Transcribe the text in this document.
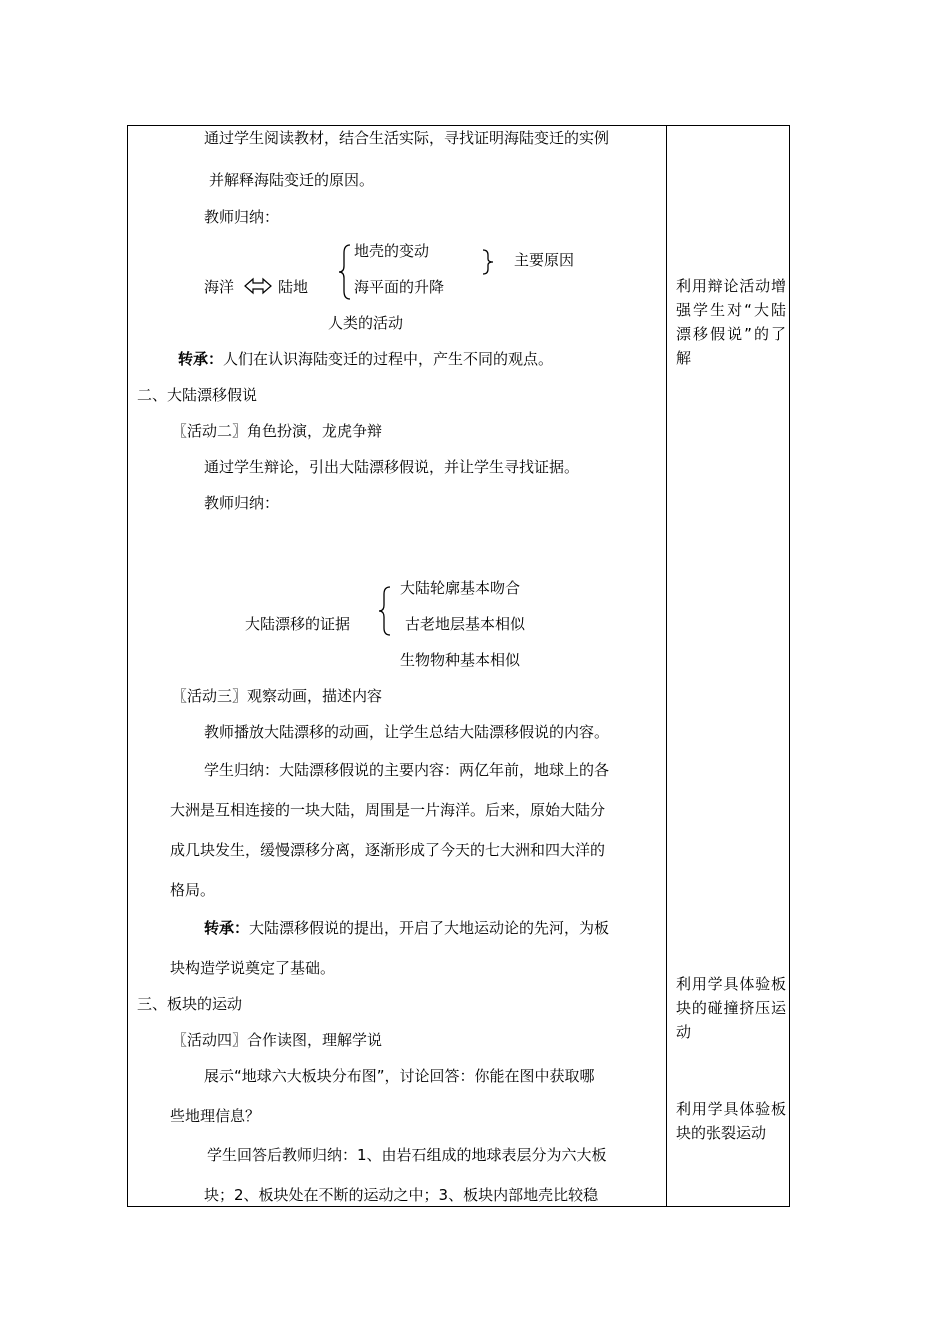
通过学生阅读教材，结合生活实际，寻找证明海陆变迁的实例
并解释海陆变迁的原因。
教师归纳：
海洋	陆地
地壳的变动
海平面的升降
主要原因
人类的活动
转承：人们在认识海陆变迁的过程中，产生不同的观点。
二、大陆漂移假说
〖活动二〗角色扮演，龙虎争辩
通过学生辩论，引出大陆漂移假说，并让学生寻找证据。
教师归纳：
大陆漂移的证据
大陆轮廓基本吻合
古老地层基本相似
生物物种基本相似
〖活动三〗观察动画，描述内容
教师播放大陆漂移的动画，让学生总结大陆漂移假说的内容。
学生归纳：大陆漂移假说的主要内容：两亿年前，地球上的各
大洲是互相连接的一块大陆，周围是一片海洋。后来，原始大陆分
成几块发生，缓慢漂移分离，逐渐形成了今天的七大洲和四大洋的
格局。
转承：大陆漂移假说的提出，开启了大地运动论的先河，为板
块构造学说奠定了基础。
三、板块的运动
〖活动四〗合作读图，理解学说
展示“地球六大板块分布图”，讨论回答：你能在图中获取哪
些地理信息？
学生回答后教师归纳：1、由岩石组成的地球表层分为六大板
块；2、板块处在不断的运动之中；3、板块内部地壳比较稳
利用辩论活动增强学生对“大陆漂移假说”的了解
利用学具体验板块的碰撞挤压运动
利用学具体验板块的张裂运动
